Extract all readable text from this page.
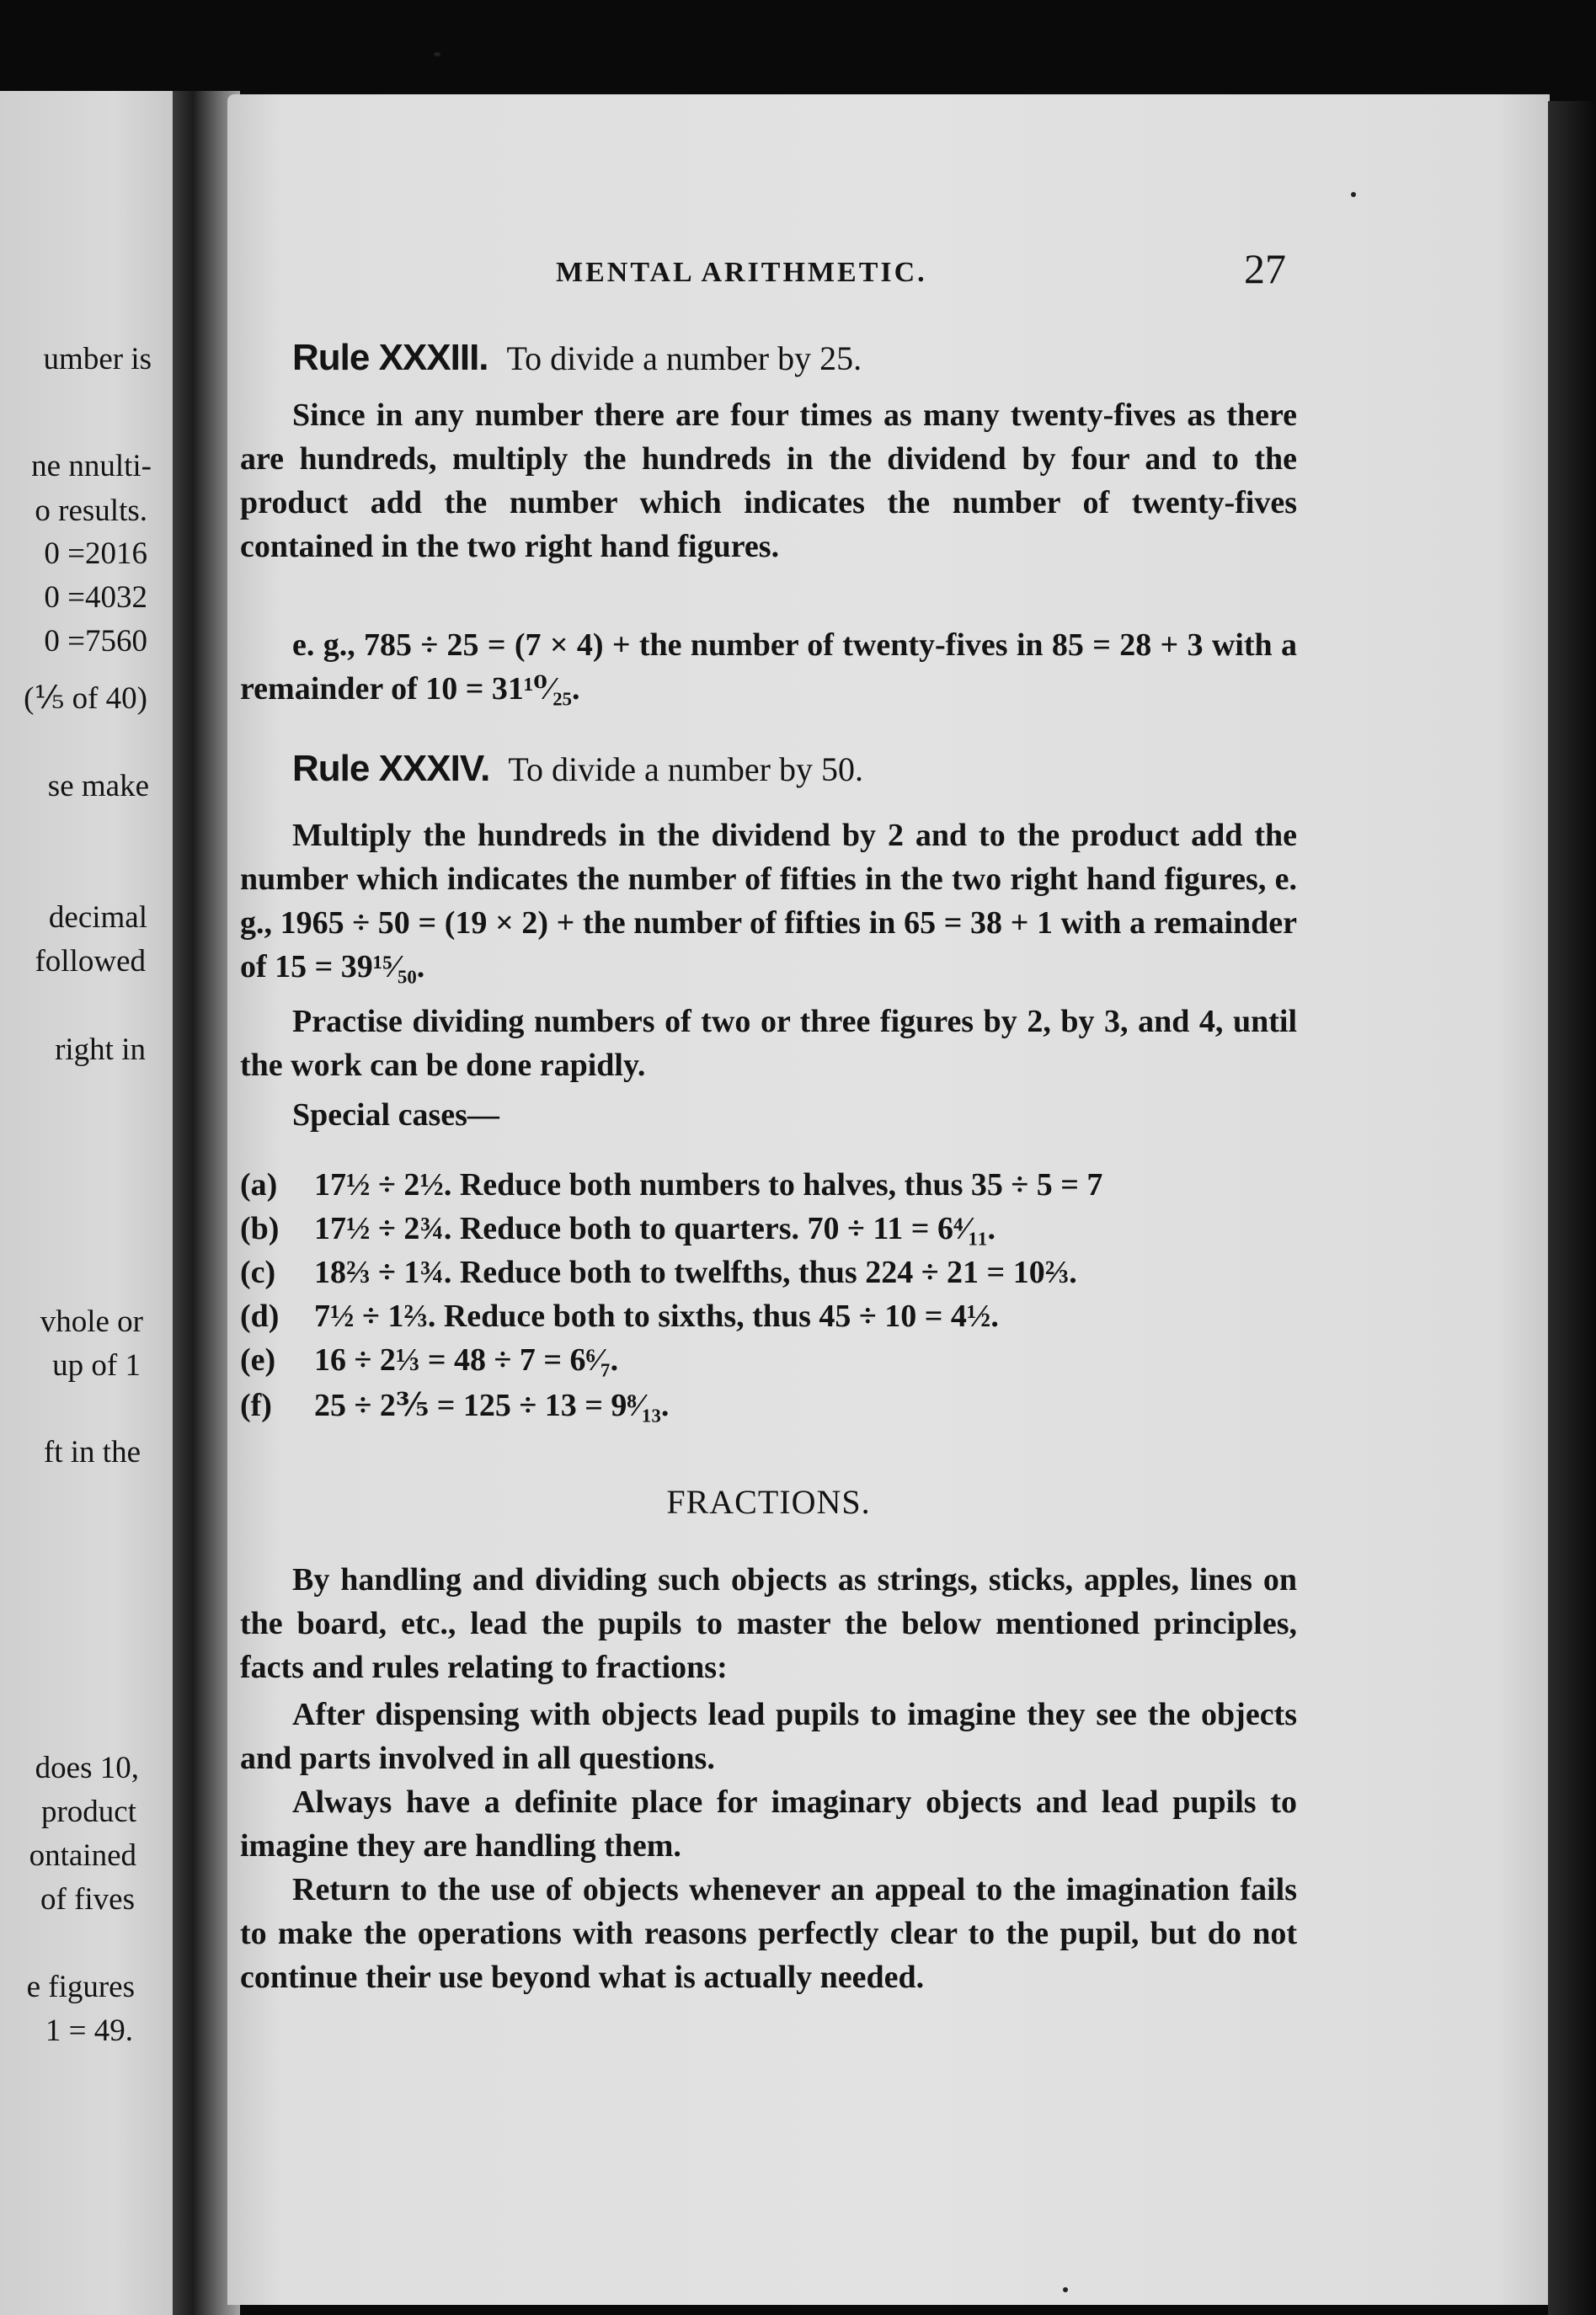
umber is
ne nnulti-
o results.
0 =2016
0 =4032
0 =7560
(⅕ of 40)
se make
decimal
followed
right in
vhole or
up of 1
ft in the
does 10,
product
ontained
of fives
e figures
1 = 49.
MENTAL ARITHMETIC.	27
Rule XXXIII. To divide a number by 25.
Since in any number there are four times as many twenty-fives as there are hundreds, multiply the hundreds in the dividend by four and to the product add the number which indicates the number of twenty-fives contained in the two right hand figures.
e. g., 785 ÷ 25 = (7 × 4) + the number of twenty-fives in 85 = 28 + 3 with a remainder of 10 = 31¹⁰⁄₂₅.
Rule XXXIV. To divide a number by 50.
Multiply the hundreds in the dividend by 2 and to the product add the number which indicates the number of fifties in the two right hand figures, e. g., 1965 ÷ 50 = (19 × 2) + the number of fifties in 65 = 38 + 1 with a remainder of 15 = 39¹⁵⁄₅₀.
Practise dividing numbers of two or three figures by 2, by 3, and 4, until the work can be done rapidly.
Special cases—
(a) 17½ ÷ 2½. Reduce both numbers to halves, thus 35 ÷ 5 = 7
(b) 17½ ÷ 2¾. Reduce both to quarters. 70 ÷ 11 = 6⁴⁄₁₁.
(c) 18⅔ ÷ 1¾. Reduce both to twelfths, thus 224 ÷ 21 = 10⅔.
(d) 7½ ÷ 1⅔. Reduce both to sixths, thus 45 ÷ 10 = 4½.
(e) 16 ÷ 2⅓ = 48 ÷ 7 = 6⁶⁄₇.
(f) 25 ÷ 2⅗ = 125 ÷ 13 = 9⁸⁄₁₃.
FRACTIONS.
By handling and dividing such objects as strings, sticks, apples, lines on the board, etc., lead the pupils to master the below mentioned principles, facts and rules relating to fractions:
After dispensing with objects lead pupils to imagine they see the objects and parts involved in all questions.
Always have a definite place for imaginary objects and lead pupils to imagine they are handling them.
Return to the use of objects whenever an appeal to the imagination fails to make the operations with reasons perfectly clear to the pupil, but do not continue their use beyond what is actually needed.
